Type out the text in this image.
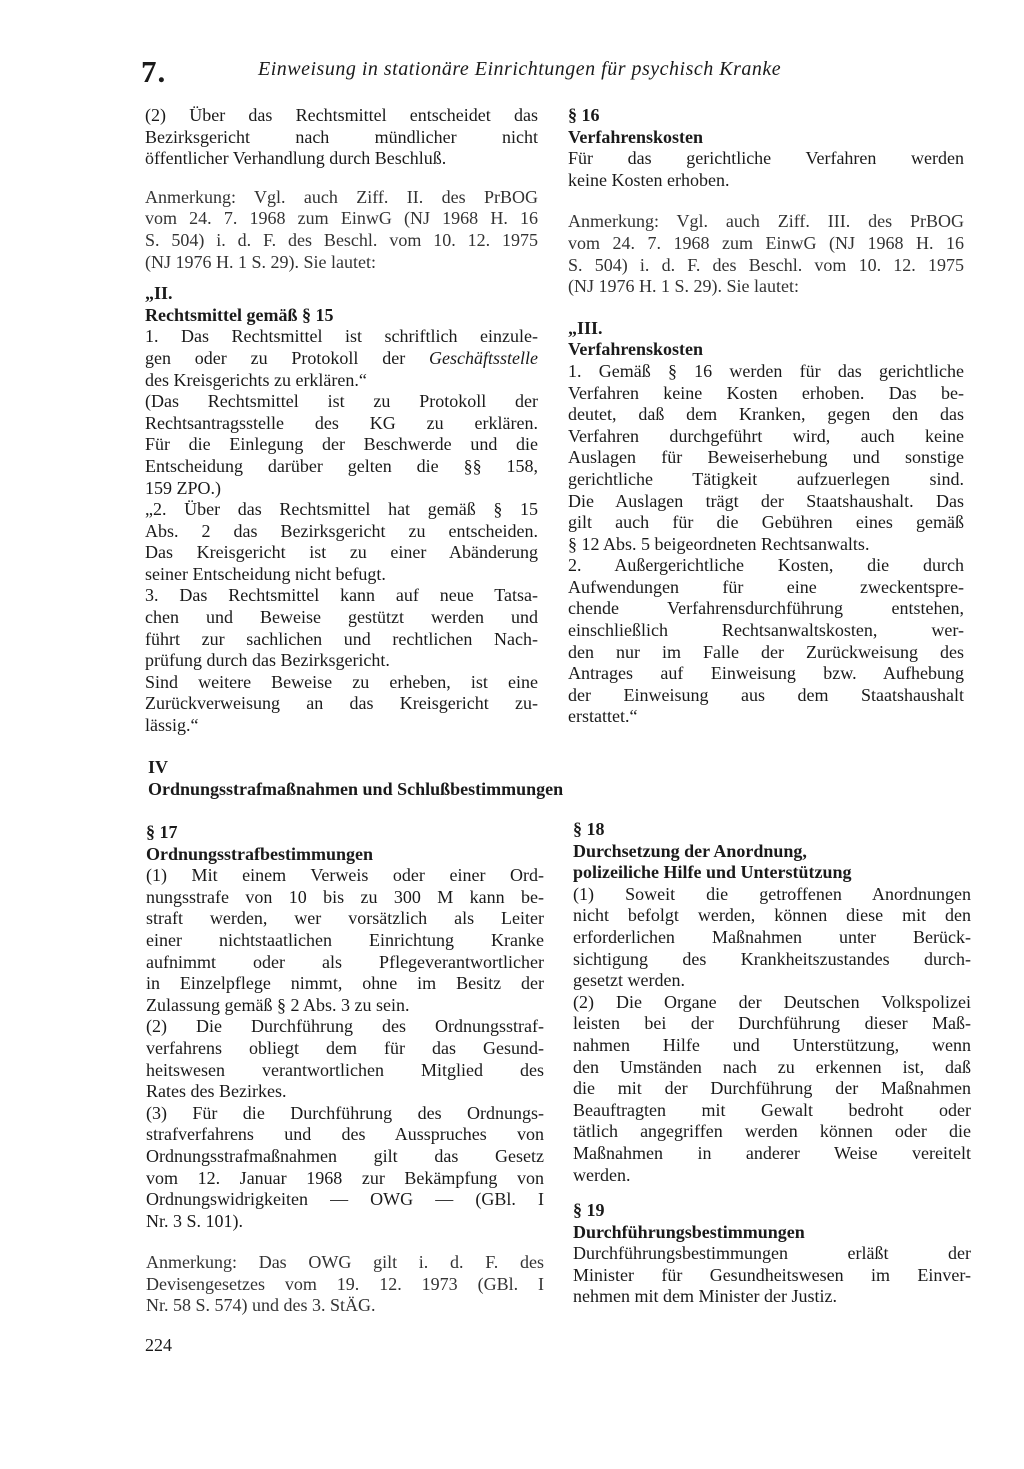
7.	Einweisung in stationäre Einrichtungen für psychisch Kranke

(2) Über das Rechtsmittel entscheidet das

Bezirksgericht nach mündlicher nicht

öffentlicher Verhandlung durch Beschluß.

Anmerkung: Vgl. auch Ziff. II. des PrBOG

vom 24. 7. 1968 zum EinwG (NJ 1968 H. 16

S. 504) i. d. F. des Beschl. vom 10. 12. 1975

(NJ 1976 H. 1 S. 29). Sie lautet:

„II.

Rechtsmittel gemäß § 15

1. Das Rechtsmittel ist schriftlich einzule-

gen oder zu Protokoll der Geschäftsstelle

des Kreisgerichts zu erklären.“

(Das Rechtsmittel ist zu Protokoll der

Rechtsantragsstelle des KG zu erklären.

Für die Einlegung der Beschwerde und die

Entscheidung darüber gelten die §§ 158,

159 ZPO.)

„2. Über das Rechtsmittel hat gemäß § 15

Abs. 2 das Bezirksgericht zu entscheiden.

Das Kreisgericht ist zu einer Abänderung

seiner Entscheidung nicht befugt.

3. Das Rechtsmittel kann auf neue Tatsa-

chen und Beweise gestützt werden und

führt zur sachlichen und rechtlichen Nach-

prüfung durch das Bezirksgericht.

Sind weitere Beweise zu erheben, ist eine

Zurückverweisung an das Kreisgericht zu-

lässig.“

§ 16

Verfahrenskosten

Für das gerichtliche Verfahren werden

keine Kosten erhoben.

Anmerkung: Vgl. auch Ziff. III. des PrBOG

vom 24. 7. 1968 zum EinwG (NJ 1968 H. 16

S. 504) i. d. F. des Beschl. vom 10. 12. 1975

(NJ 1976 H. 1 S. 29). Sie lautet:

„III.

Verfahrenskosten

1. Gemäß § 16 werden für das gerichtliche

Verfahren keine Kosten erhoben. Das be-

deutet, daß dem Kranken, gegen den das

Verfahren durchgeführt wird, auch keine

Auslagen für Beweiserhebung und sonstige

gerichtliche Tätigkeit aufzuerlegen sind.

Die Auslagen trägt der Staatshaushalt. Das

gilt auch für die Gebühren eines gemäß

§ 12 Abs. 5 beigeordneten Rechtsanwalts.

2. Außergerichtliche Kosten, die durch

Aufwendungen für eine zweckentspre-

chende Verfahrensdurchführung entstehen,

einschließlich Rechtsanwaltskosten, wer-

den nur im Falle der Zurückweisung des

Antrages auf Einweisung bzw. Aufhebung

der Einweisung aus dem Staatshaushalt

erstattet.“

IV

Ordnungsstrafmaßnahmen und Schlußbestimmungen

§ 17

Ordnungsstrafbestimmungen

(1) Mit einem Verweis oder einer Ord-

nungsstrafe von 10 bis zu 300 M kann be-

straft werden, wer vorsätzlich als Leiter

einer nichtstaatlichen Einrichtung Kranke

aufnimmt oder als Pflegeverantwortlicher

in Einzelpflege nimmt, ohne im Besitz der

Zulassung gemäß § 2 Abs. 3 zu sein.

(2) Die Durchführung des Ordnungsstraf-

verfahrens obliegt dem für das Gesund-

heitswesen verantwortlichen Mitglied des

Rates des Bezirkes.

(3) Für die Durchführung des Ordnungs-

strafverfahrens und des Ausspruches von

Ordnungsstrafmaßnahmen gilt das Gesetz

vom 12. Januar 1968 zur Bekämpfung von

Ordnungswidrigkeiten — OWG — (GBl. I

Nr. 3 S. 101).

Anmerkung: Das OWG gilt i. d. F. des

Devisengesetzes vom 19. 12. 1973 (GBl. I

Nr. 58 S. 574) und des 3. StÄG.

§ 18

Durchsetzung der Anordnung,

polizeiliche Hilfe und Unterstützung

(1) Soweit die getroffenen Anordnungen

nicht befolgt werden, können diese mit den

erforderlichen Maßnahmen unter Berück-

sichtigung des Krankheitszustandes durch-

gesetzt werden.

(2) Die Organe der Deutschen Volkspolizei

leisten bei der Durchführung dieser Maß-

nahmen Hilfe und Unterstützung, wenn

den Umständen nach zu erkennen ist, daß

die mit der Durchführung der Maßnahmen

Beauftragten mit Gewalt bedroht oder

tätlich angegriffen werden können oder die

Maßnahmen in anderer Weise vereitelt

werden.

§ 19

Durchführungsbestimmungen

Durchführungsbestimmungen erläßt der

Minister für Gesundheitswesen im Einver-

nehmen mit dem Minister der Justiz.

224
